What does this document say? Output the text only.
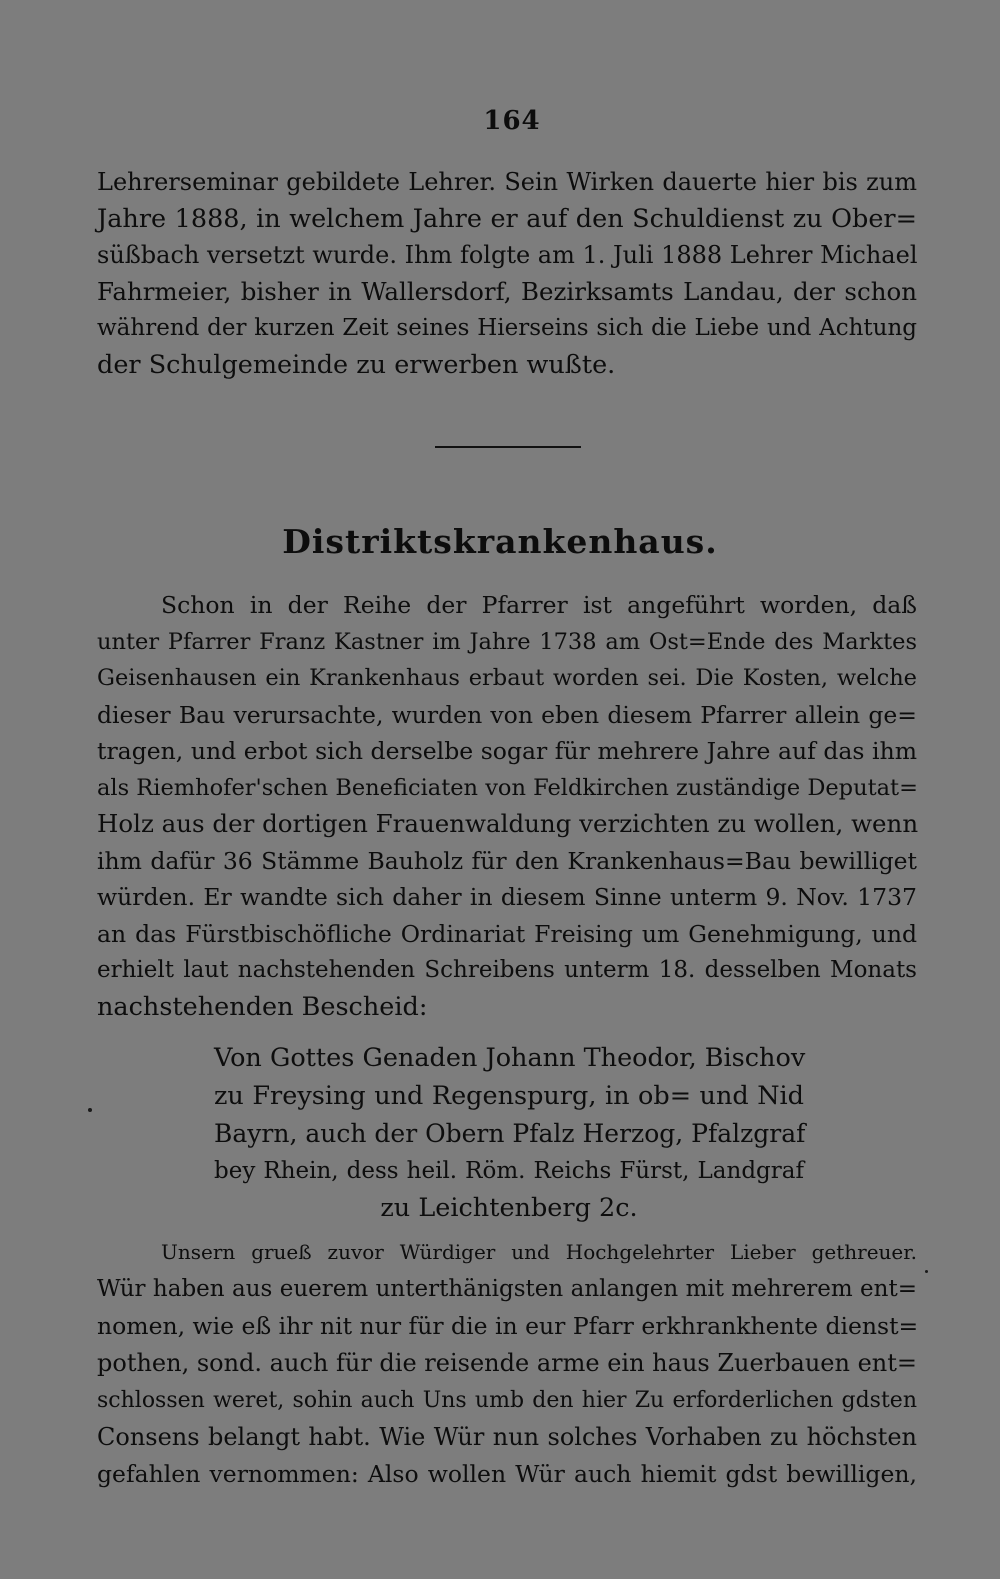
164
Lehrerseminar gebildete Lehrer. Sein Wirken dauerte hier bis zum
Jahre 1888, in welchem Jahre er auf den Schuldienst zu Ober=
süßbach versetzt wurde. Ihm folgte am 1. Juli 1888 Lehrer Michael
Fahrmeier, bisher in Wallersdorf, Bezirksamts Landau, der schon
während der kurzen Zeit seines Hierseins sich die Liebe und Achtung
der Schulgemeinde zu erwerben wußte.
Distriktskrankenhaus.
Schon in der Reihe der Pfarrer ist angeführt worden, daß
unter Pfarrer Franz Kastner im Jahre 1738 am Ost=Ende des Marktes
Geisenhausen ein Krankenhaus erbaut worden sei. Die Kosten, welche
dieser Bau verursachte, wurden von eben diesem Pfarrer allein ge=
tragen, und erbot sich derselbe sogar für mehrere Jahre auf das ihm
als Riemhofer'schen Beneficiaten von Feldkirchen zuständige Deputat=
Holz aus der dortigen Frauenwaldung verzichten zu wollen, wenn
ihm dafür 36 Stämme Bauholz für den Krankenhaus=Bau bewilliget
würden. Er wandte sich daher in diesem Sinne unterm 9. Nov. 1737
an das Fürstbischöfliche Ordinariat Freising um Genehmigung, und
erhielt laut nachstehenden Schreibens unterm 18. desselben Monats
nachstehenden Bescheid:
Von Gottes Genaden Johann Theodor, Bischov
zu Freysing und Regenspurg, in ob= und Nid
Bayrn, auch der Obern Pfalz Herzog, Pfalzgraf
bey Rhein, dess heil. Röm. Reichs Fürst, Landgraf
zu Leichtenberg 2c.
Unsern grueß zuvor Würdiger und Hochgelehrter Lieber gethreuer.
Wür haben aus euerem unterthänigsten anlangen mit mehrerem ent=
nomen, wie eß ihr nit nur für die in eur Pfarr erkhrankhente dienst=
pothen, sond. auch für die reisende arme ein haus Zuerbauen ent=
schlossen weret, sohin auch Uns umb den hier Zu erforderlichen gdsten
Consens belangt habt. Wie Wür nun solches Vorhaben zu höchsten
gefahlen vernommen: Also wollen Wür auch hiemit gdst bewilligen,
